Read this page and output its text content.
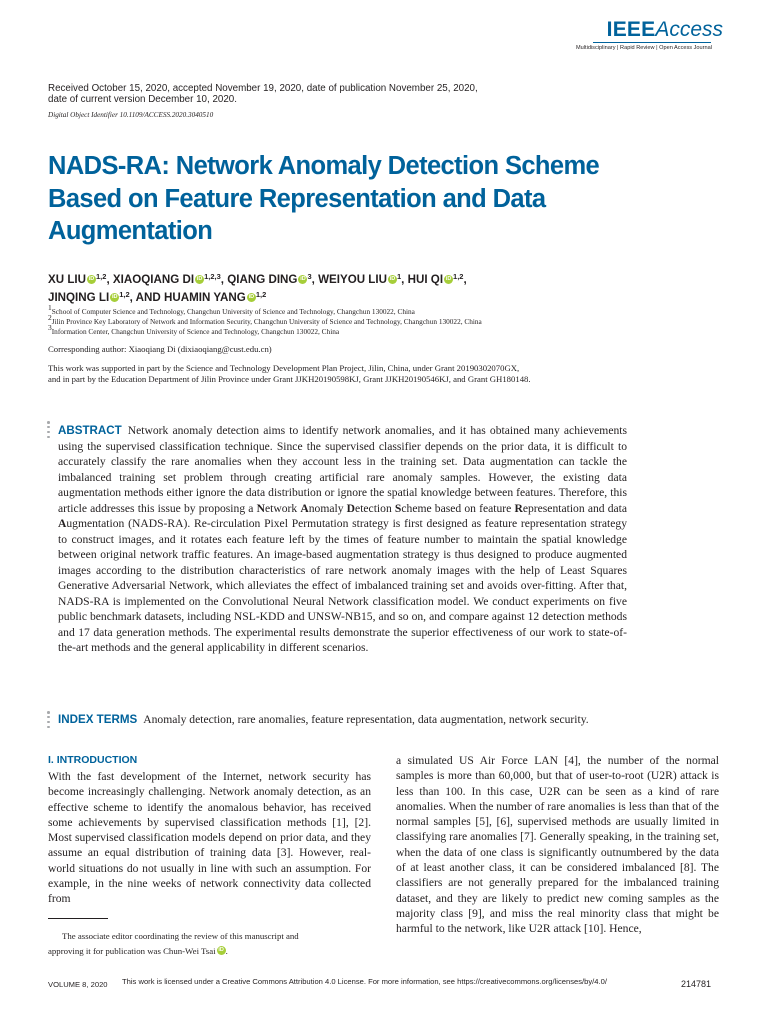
IEEEAccess
Multidisciplinary | Rapid Review | Open Access Journal
Received October 15, 2020, accepted November 19, 2020, date of publication November 25, 2020,
date of current version December 10, 2020.
Digital Object Identifier 10.1109/ACCESS.2020.3040510
NADS-RA: Network Anomaly Detection Scheme
Based on Feature Representation and Data
Augmentation
XU LIU iD $^{1,2}$, XIAOQIANG DI iD $^{1,2,3}$, QIANG DING iD $^3$, WEIYOU LIU iD $^1$, HUI QI iD $^{1,2}$,
JINQING LI iD $^{1,2}$, AND HUAMIN YANG iD $^{1,2}$
$^1$School of Computer Science and Technology, Changchun University of Science and Technology, Changchun 130022, China
$^2$Jilin Province Key Laboratory of Network and Information Security, Changchun University of Science and Technology, Changchun 130022, China
$^3$Information Center, Changchun University of Science and Technology, Changchun 130022, China
Corresponding author: Xiaoqiang Di (dixiaoqiang@cust.edu.cn)
This work was supported in part by the Science and Technology Development Plan Project, Jilin, China, under Grant 20190302070GX,
and in part by the Education Department of Jilin Province under Grant JJKH20190598KJ, Grant JJKH20190546KJ, and Grant GH180148.
ABSTRACT Network anomaly detection aims to identify network anomalies, and it has obtained many achievements using the supervised classification technique. Since the supervised classifier depends on the prior data, it is difficult to accurately classify the rare anomalies when they account less in the training set. Data augmentation can tackle the imbalanced training set problem through creating artificial rare anomaly samples. However, the existing data augmentation methods either ignore the data distribution or ignore the spatial knowledge between features. Therefore, this article addresses this issue by proposing a Network Anomaly Detection Scheme based on feature Representation and data Augmentation (NADS-RA). Re-circulation Pixel Permutation strategy is first designed as feature representation strategy to construct images, and it rotates each feature left by the times of feature number to maintain the spatial knowledge between original network traffic features. An image-based augmentation strategy is thus designed to produce augmented images according to the distribution characteristics of rare network anomaly images with the help of Least Squares Generative Adversarial Network, which alleviates the effect of imbalanced training set and avoids over-fitting. After that, NADS-RA is implemented on the Convolutional Neural Network classification model. We conduct experiments on five public benchmark datasets, including NSL-KDD and UNSW-NB15, and so on, and compare against 12 detection methods and 17 data generation methods. The experimental results demonstrate the superior effectiveness of our work to state-of-the-art methods and the general applicability in different scenarios.
INDEX TERMS Anomaly detection, rare anomalies, feature representation, data augmentation, network security.
I. INTRODUCTION
With the fast development of the Internet, network security has become increasingly challenging. Network anomaly detection, as an effective scheme to identify the anomalous behavior, has received some achievements by supervised classification methods [1], [2]. Most supervised classification models depend on prior data, and they assume an equal distribution of training data [3]. However, real-world situations do not usually in line with such an assumption. For example, in the nine weeks of network connectivity data collected from
a simulated US Air Force LAN [4], the number of the normal samples is more than 60,000, but that of user-to-root (U2R) attack is less than 100. In this case, U2R can be seen as a kind of rare anomalies. When the number of rare anomalies is less than that of the normal samples [5], [6], supervised methods are usually limited in classifying rare anomalies [7]. Generally speaking, in the training set, when the data of one class is significantly outnumbered by the data of at least another class, it can be considered imbalanced [8]. The classifiers are not generally prepared for the imbalanced training dataset, and they are likely to predict new coming samples as the majority class [9], and miss the real minority class that might be harmful to the network, like U2R attack [10]. Hence,
The associate editor coordinating the review of this manuscript and
approving it for publication was Chun-Wei Tsai iD .
VOLUME 8, 2020 This work is licensed under a Creative Commons Attribution 4.0 License. For more information, see https://creativecommons.org/licenses/by/4.0/	214781
